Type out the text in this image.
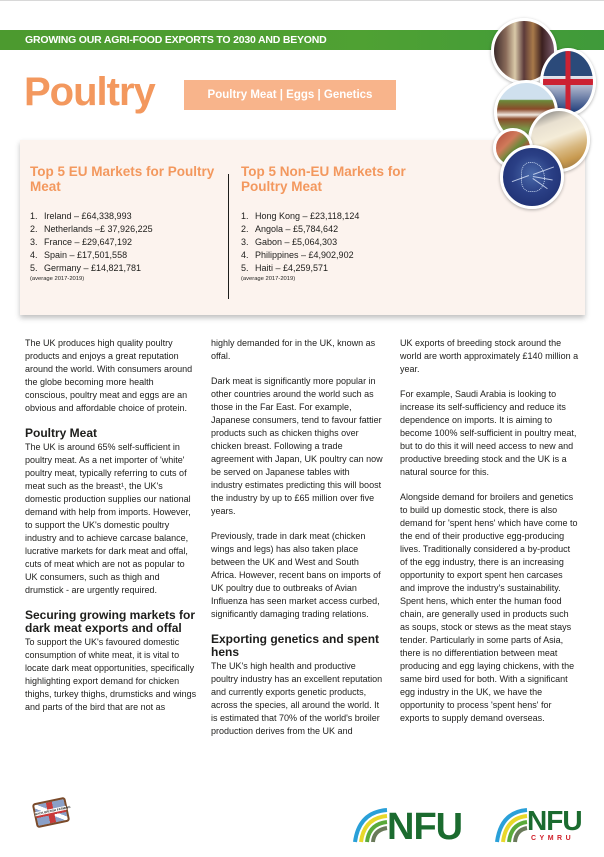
GROWING OUR AGRI-FOOD EXPORTS TO 2030 AND BEYOND
Poultry	Poultry Meat | Eggs | Genetics
Top 5 EU Markets for Poultry Meat
1. Ireland – £64,338,993
2. Netherlands –£ 37,926,225
3. France – £29,647,192
4. Spain – £17,501,558
5. Germany – £14,821,781
(average 2017-2019)
Top 5 Non-EU Markets for Poultry Meat
1. Hong Kong – £23,118,124
2. Angola – £5,784,642
3. Gabon – £5,064,303
4. Philippines – £4,902,902
5. Haiti – £4,259,571
(average 2017-2019)

The UK produces high quality poultry products and enjoys a great reputation around the world. With consumers around the globe becoming more health conscious, poultry meat and eggs are an obvious and affordable choice of protein.

Poultry Meat

The UK is around 65% self-sufficient in poultry meat. As a net importer of 'white' poultry meat, typically referring to cuts of meat such as the breast¹, the UK's domestic production supplies our national demand with help from imports. However, to support the UK's domestic poultry industry and to achieve carcase balance, lucrative markets for dark meat and offal, cuts of meat which are not as popular to UK consumers, such as thigh and drumstick - are urgently required.

Securing growing markets for dark meat exports and offal

To support the UK's favoured domestic consumption of white meat, it is vital to locate dark meat opportunities, specifically highlighting export demand for chicken thighs, turkey thighs, drumsticks and wings and parts of the bird that are not as

highly demanded for in the UK, known as offal.

Dark meat is significantly more popular in other countries around the world such as those in the Far East. For example, Japanese consumers, tend to favour fattier products such as chicken thighs over chicken breast. Following a trade agreement with Japan, UK poultry can now be served on Japanese tables with industry estimates predicting this will boost the industry by up to £65 million over five years.

Previously, trade in dark meat (chicken wings and legs) has also taken place between the UK and West and South Africa. However, recent bans on imports of UK poultry due to outbreaks of Avian Influenza has seen market access curbed, significantly damaging trading relations.

Exporting genetics and spent hens

The UK's high health and productive poultry industry has an excellent reputation and currently exports genetic products, across the species, all around the world. It is estimated that 70% of the world's broiler production derives from the UK and

UK exports of breeding stock around the world are worth approximately £140 million a year.

For example, Saudi Arabia is looking to increase its self-sufficiency and reduce its dependence on imports. It is aiming to become 100% self-sufficient in poultry meat, but to do this it will need access to new and productive breeding stock and the UK is a natural source for this.

Alongside demand for broilers and genetics to build up domestic stock, there is also demand for 'spent hens' which have come to the end of their productive egg-producing lives. Traditionally considered a by-product of the egg industry, there is an increasing opportunity to export spent hen carcases and improve the industry's sustainability. Spent hens, which enter the human food chain, are generally used in products such as soups, stock or stews as the meat stays tender. Particularly in some parts of Asia, there is no differentiation between meat producing and egg laying chickens, with the same bird used for both. With a significant egg industry in the UK, we have the opportunity to process 'spent hens' for exports to supply demand overseas.

BACK BRITISH FARMING	NFU NFU
CYMRU
